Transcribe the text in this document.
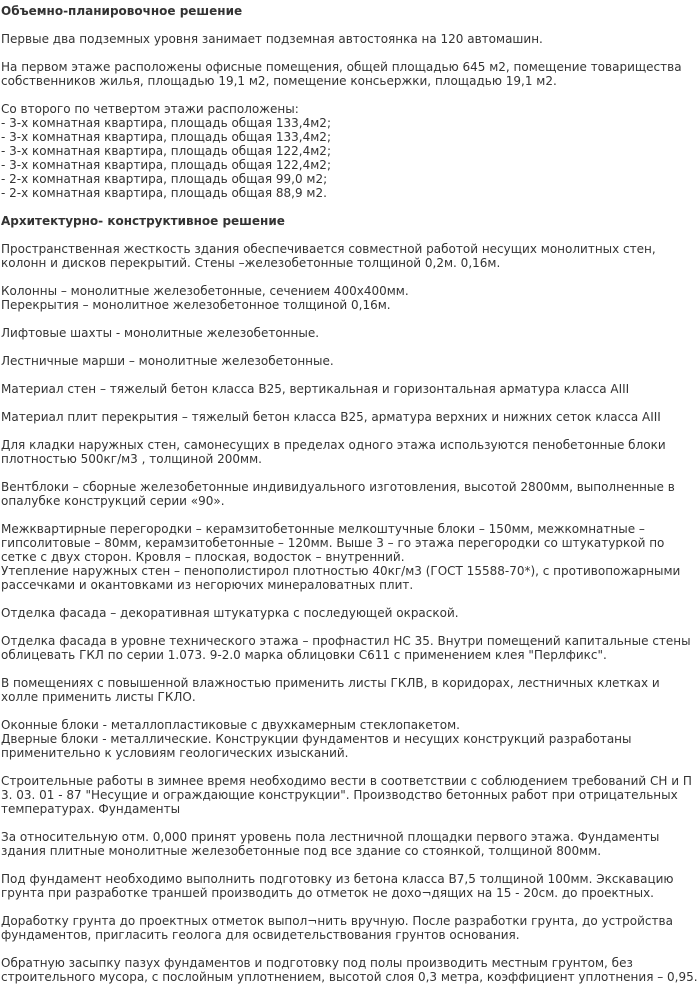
Объемно-планировочное решение

Первые два подземных уровня занимает подземная автостоянка на 120 автомашин.

На первом этаже расположены офисные помещения, общей площадью 645 м2, помещение товарищества собственников жилья, площадью 19,1 м2, помещение консьержки, площадью 19,1 м2.

Со второго по четвертом этажи расположены:
- 3-х комнатная квартира, площадь общая 133,4м2;
- 3-х комнатная квартира, площадь общая 133,4м2;
- 3-х комнатная квартира, площадь общая 122,4м2;
- 3-х комнатная квартира, площадь общая 122,4м2;
- 2-х комнатная квартира, площадь общая 99,0 м2;
- 2-х комнатная квартира, площадь общая 88,9 м2.

Архитектурно- конструктивное решение

Пространственная жесткость здания обеспечивается совместной работой несущих монолитных стен, колонн и дисков перекрытий. Стены –железобетонные толщиной 0,2м. 0,16м.

Колонны – монолитные железобетонные, сечением 400х400мм.
Перекрытия – монолитное железобетонное толщиной 0,16м.

Лифтовые шахты - монолитные железобетонные.

Лестничные марши – монолитные железобетонные.

Материал стен – тяжелый бетон класса В25, вертикальная и горизонтальная арматура класса АIII

Материал плит перекрытия – тяжелый бетон класса В25, арматура верхних и нижних сеток класса АIII

Для кладки наружных стен, самонесущих в пределах одного этажа используются пенобетонные блоки плотностью 500кг/м3 , толщиной 200мм.

Вентблоки – сборные железобетонные индивидуального изготовления, высотой 2800мм, выполненные в опалубке конструкций серии «90».

Межквартирные перегородки – керамзитобетонные мелкоштучные блоки – 150мм, межкомнатные – гипсолитовые – 80мм, керамзитобетонные – 120мм. Выше 3 – го этажа перегородки со штукатуркой по сетке с двух сторон. Кровля – плоская, водосток – внутренний.
Утепление наружных стен – пенополистирол плотностью 40кг/м3 (ГОСТ 15588-70*), с противопожарными рассечками и окантовками из негорючих минераловатных плит.

Отделка фасада – декоративная штукатурка с последующей окраской.

Отделка фасада в уровне технического этажа – профнастил НС 35. Внутри помещений капитальные стены облицевать ГКЛ по серии 1.073. 9-2.0 марка облицовки С611 с применением клея "Перлфикс".

В помещениях с повышенной влажностью применить листы ГКЛВ, в коридорах, лестничных клетках и холле применить листы ГКЛО.

Оконные блоки - металлопластиковые с двухкамерным стеклопакетом.
Дверные блоки - металлические. Конструкции фундаментов и несущих конструкций разработаны применительно к условиям геологических изысканий.

Строительные работы в зимнее время необходимо вести в соответствии с соблюдением требований СН и П 3. 03. 01 - 87 "Несущие и ограждающие конструкции". Производство бетонных работ при отрицательных температурах. Фундаменты

За относительную отм. 0,000 принят уровень пола лестничной площадки первого этажа. Фундаменты здания плитные монолитные железобетонные под все здание со стоянкой, толщиной 800мм.

Под фундамент необходимо выполнить подготовку из бетона класса В7,5 толщиной 100мм. Экскавацию грунта при разработке траншей производить до отметок не дохо¬дящих на 15 - 20см. до проектных.

Доработку грунта до проектных отметок выпол¬нить вручную. После разработки грунта, до устройства фундаментов, пригласить геолога для освидетельствования грунтов основания.

Обратную засыпку пазух фундаментов и подготовку под полы производить местным грунтом, без строительного мусора, с послойным уплотнением, высотой слоя 0,3 метра, коэффициент уплотнения – 0,95.
